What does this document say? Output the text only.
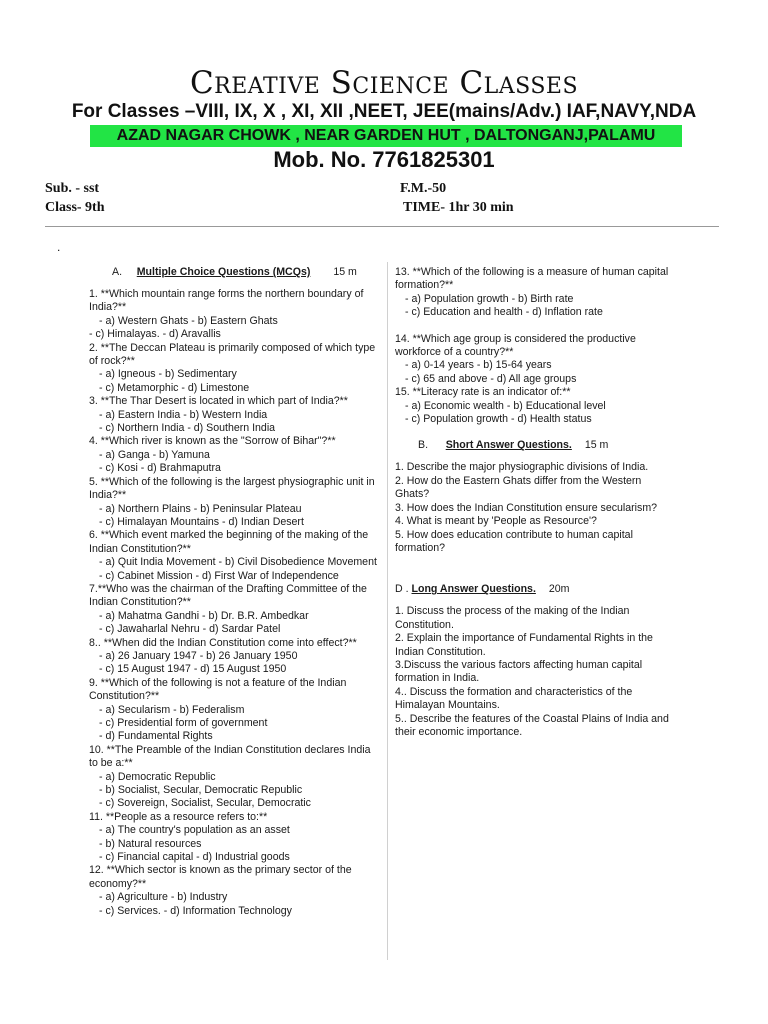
Creative Science Classes
For Classes –VIII, IX, X , XI, XII ,NEET, JEE(mains/Adv.) IAF,NAVY,NDA
AZAD NAGAR CHOWK , NEAR GARDEN HUT , DALTONGANJ,PALAMU
Mob. No. 7761825301
Sub. - sst
Class- 9th
F.M.-50
TIME- 1hr 30 min
.
A. Multiple Choice Questions (MCQs) 15 m
1. **Which mountain range forms the northern boundary of India?**
- a) Western Ghats - b) Eastern Ghats
- c) Himalayas. - d) Aravallis
2. **The Deccan Plateau is primarily composed of which type of rock?**
- a) Igneous - b) Sedimentary
- c) Metamorphic - d) Limestone
3. **The Thar Desert is located in which part of India?**
- a) Eastern India - b) Western India
- c) Northern India - d) Southern India
4. **Which river is known as the "Sorrow of Bihar"?**
- a) Ganga - b) Yamuna
- c) Kosi - d) Brahmaputra
5. **Which of the following is the largest physiographic unit in India?**
- a) Northern Plains - b) Peninsular Plateau
- c) Himalayan Mountains - d) Indian Desert
6. **Which event marked the beginning of the making of the Indian Constitution?**
- a) Quit India Movement - b) Civil Disobedience Movement
- c) Cabinet Mission - d) First War of Independence
7.**Who was the chairman of the Drafting Committee of the Indian Constitution?**
- a) Mahatma Gandhi - b) Dr. B.R. Ambedkar
- c) Jawaharlal Nehru - d) Sardar Patel
8.. **When did the Indian Constitution come into effect?**
- a) 26 January 1947 - b) 26 January 1950
- c) 15 August 1947 - d) 15 August 1950
9. **Which of the following is not a feature of the Indian Constitution?**
- a) Secularism - b) Federalism
- c) Presidential form of government
- d) Fundamental Rights
10. **The Preamble of the Indian Constitution declares India to be a:**
- a) Democratic Republic
- b) Socialist, Secular, Democratic Republic
- c) Sovereign, Socialist, Secular, Democratic
11. **People as a resource refers to:**
- a) The country's population as an asset
- b) Natural resources
- c) Financial capital - d) Industrial goods
12. **Which sector is known as the primary sector of the economy?**
- a) Agriculture - b) Industry
- c) Services. - d) Information Technology
13. **Which of the following is a measure of human capital formation?**
- a) Population growth - b) Birth rate
- c) Education and health - d) Inflation rate
14. **Which age group is considered the productive workforce of a country?**
- a) 0-14 years - b) 15-64 years
- c) 65 and above - d) All age groups
15. **Literacy rate is an indicator of:**
- a) Economic wealth - b) Educational level
- c) Population growth - d) Health status
B. Short Answer Questions. 15 m
1. Describe the major physiographic divisions of India.
2. How do the Eastern Ghats differ from the Western Ghats?
3. How does the Indian Constitution ensure secularism?
4. What is meant by 'People as Resource'?
5. How does education contribute to human capital formation?
D . Long Answer Questions. 20m
1. Discuss the process of the making of the Indian Constitution.
2. Explain the importance of Fundamental Rights in the Indian Constitution.
3.Discuss the various factors affecting human capital formation in India.
4.. Discuss the formation and characteristics of the Himalayan Mountains.
5.. Describe the features of the Coastal Plains of India and their economic importance.
